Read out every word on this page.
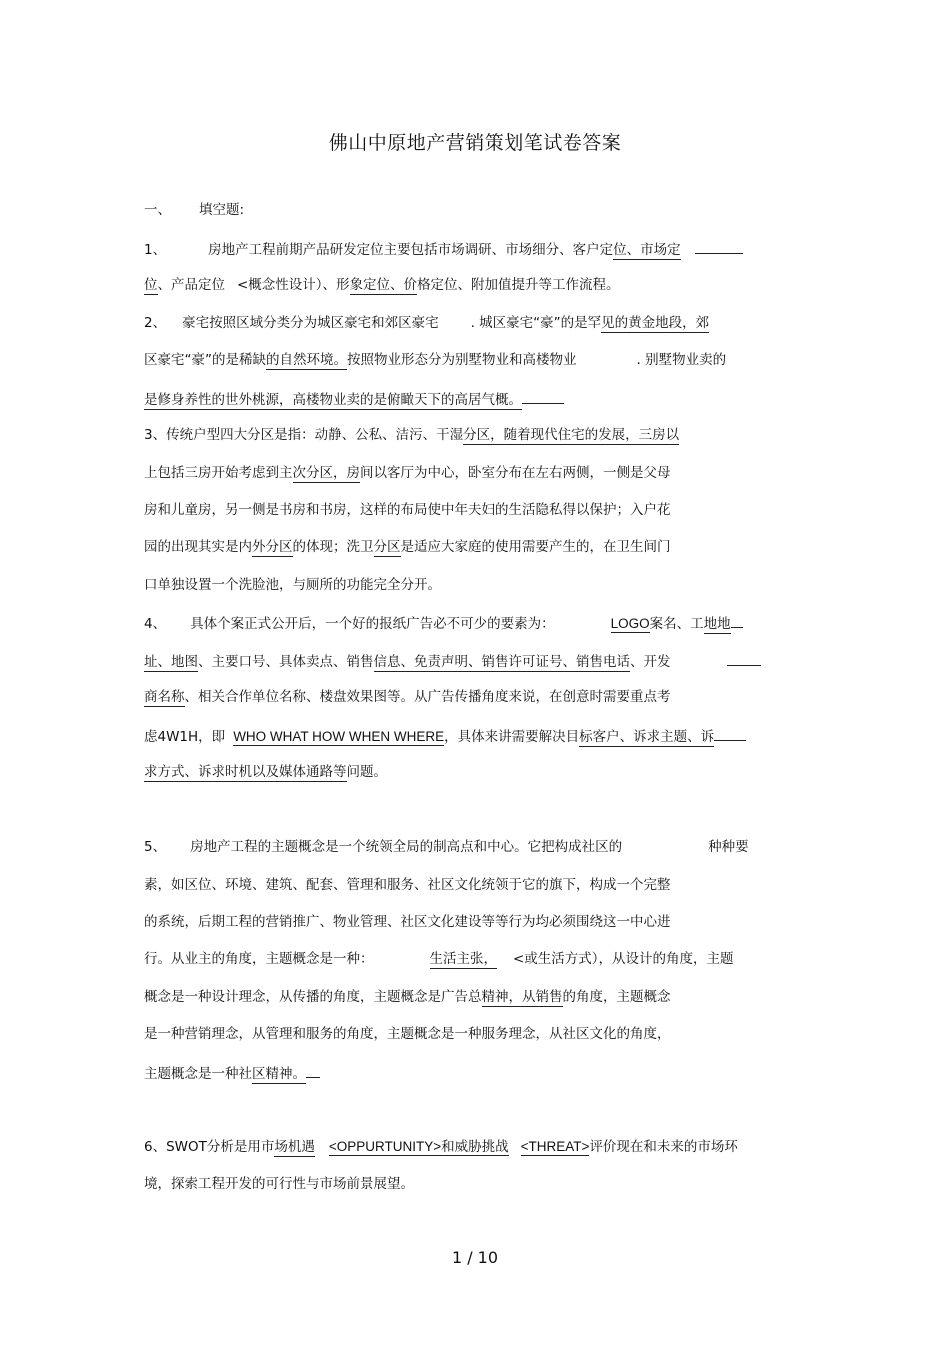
佛山中原地产营销策划笔试卷答案
一、 填空题:
1、	房地产工程前期产品研发定位主要包括市场调研、市场细分、客户定位、市场定
位、产品定位 <概念性设计）、形象定位、价格定位、附加值提升等工作流程。
2、 豪宅按照区域分类分为城区豪宅和郊区豪宅 . 城区豪宅“豪”的是罕见的黄金地段，郊
区豪宅“豪”的是稀缺的自然环境。按照物业形态分为别墅物业和高楼物业	. 别墅物业卖的
是修身养性的世外桃源，高楼物业卖的是俯瞰天下的高居气概。
3、传统户型四大分区是指：动静、公私、洁污、干湿分区，随着现代住宅的发展，三房以
上包括三房开始考虑到主次分区，房间以客厅为中心，卧室分布在左右两侧，一侧是父母
房和儿童房，另一侧是书房和书房，这样的布局使中年夫妇的生活隐私得以保护；入户花
园的出现其实是内外分区的体现；洗卫分区是适应大家庭的使用需要产生的，在卫生间门
口单独设置一个洗脸池，与厕所的功能完全分开。
4、 具体个案正式公开后，一个好的报纸广告必不可少的要素为：	LOGO案名、工地地
址、地图、主要口号、具体卖点、销售信息、免责声明、销售许可证号、销售电话、开发
商名称、相关合作单位名称、楼盘效果图等。从广告传播角度来说，在创意时需要重点考
虑4W1H，即 WHO WHAT HOW WHEN WHERE，具体来讲需要解决目标客户、诉求主题、诉
求方式、诉求时机以及媒体通路等问题。
5、 房地产工程的主题概念是一个统领全局的制高点和中心。它把构成社区的	种种要
素，如区位、环境、建筑、配套、管理和服务、社区文化统领于它的旗下，构成一个完整
的系统，后期工程的营销推广、物业管理、社区文化建设等等行为均必须围绕这一中心进
行。从业主的角度，主题概念是一种：	生活主张， <或生活方式），从设计的角度，主题
概念是一种设计理念，从传播的角度，主题概念是广告总精神，从销售的角度，主题概念
是一种营销理念，从管理和服务的角度，主题概念是一种服务理念，从社区文化的角度，
主题概念是一种社区精神。
6、SWOT分析是用市场机遇 <OPPURTUNITY>和威胁挑战 <THREAT>评价现在和未来的市场环
境，探索工程开发的可行性与市场前景展望。
1 / 10
